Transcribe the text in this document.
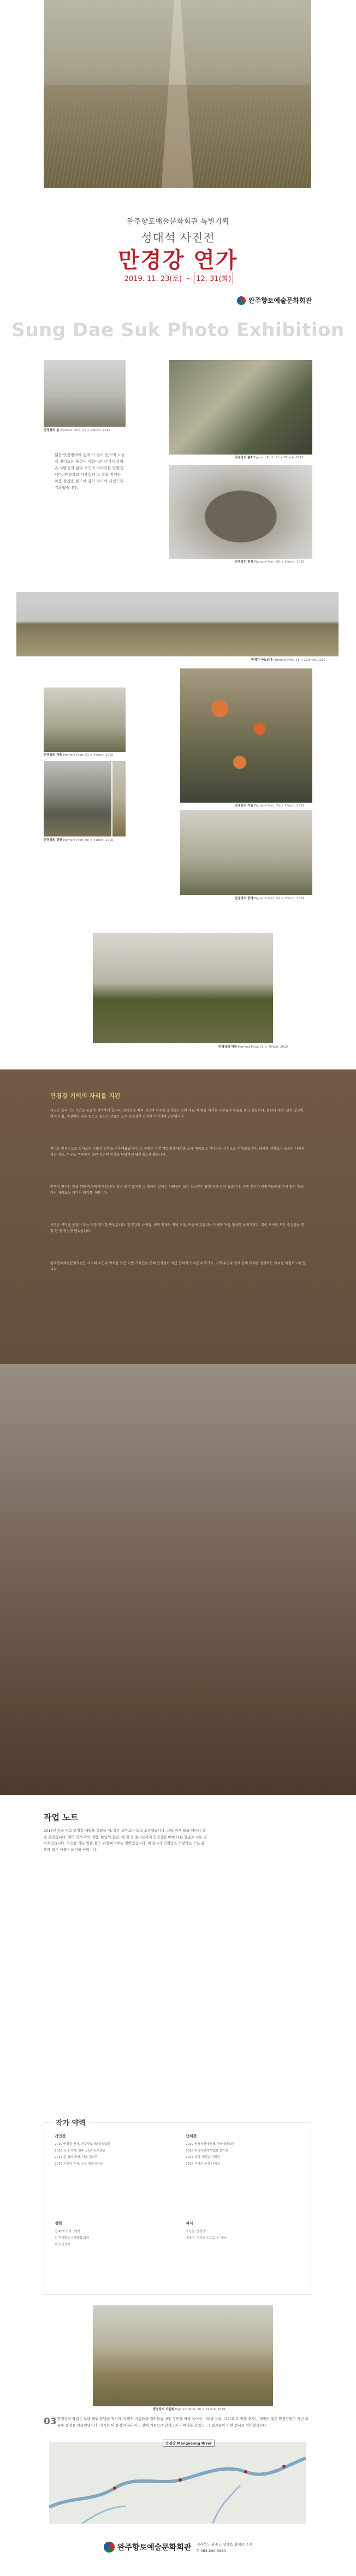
완주향토예술문화회관 특별기획
성대석 사진전
만경강 연가
2019. 11. 23(토) ~ 12. 31(화)
완주향토예술문화회관
Sung Dae Suk Photo Exhibition
만경강의 봄 Pigment Print, 51 × 76inch, 2019
만경강의 봄2 Pigment Print, 51 × 76inch, 2019
넓은 만경평야에 깊게 가 닿아 있으며 노을에 젖어드는 물결이 아름다운 강에서 살아온 사람들의 삶과 자연의 이야기를 담았습니다. 만경강의 사계절과 그 곁을 지키는 마을 풍경을 렌즈에 담아 작가의 시선으로 기록했습니다.
만경강의 침묵 Pigment Print, 65 × 90inch, 2019
만경강 파노라마 Pigment Print, 51 × 132inch, 2019
만경강의 겨울 Pigment Print, 51 × 76inch, 2019
만경강의 가을 Pigment Print, 51 × 76inch, 2019
만경강의 정원 Pigment Print, 90 × 51inch, 2019
만경강의 풍경 Pigment Print, 51 × 76inch, 2019
만경강의 여름 Pigment Print, 51 × 76inch, 2019
만경강 기억의 자리를 지킨
사진은 흘러가는 시간을 붙잡아 기억하게 합니다. 만경강을 따라 걸으며 마주한 풍경들은 오랜 세월 이 땅을 지켜온 사람들의 숨결을 품고 있습니다. 들판과 제방, 낡은 창고와 버려진 집, 계절마다 다른 빛으로 물드는 강물은 모두 만경강이 간직한 이야기의 일부입니다.
작가는 언론인으로 살아오며 수많은 현장을 기록해왔습니다. 그 경험은 이번 작업에서 대상을 오래 바라보고 기다리는 시선으로 이어졌습니다. 화려한 장면보다 조용히 사라져가는 것들, 누구도 주목하지 않던 강변의 일상을 담담하게 담아내고자 했습니다.
만경강 연가는 강을 향한 작가의 헌사입니다. 강은 말이 없지만 그 곁에서 살아온 사람들의 삶은 고스란히 풍경 속에 남아 있습니다. 이번 전시가 관람객들에게 우리 곁의 강을 다시 바라보는 계기가 되기를 바랍니다.
사진은 기억을 붙잡아 두는 가장 정직한 방법입니다. 만경강의 사계절, 새벽 안개와 저녁 노을, 바람에 흔들리는 억새와 겨울 철새의 날갯짓까지, 강이 보여준 모든 순간들을 한 장 한 장 정성껏 담았습니다.
완주향토예술문화회관은 지역의 자연과 역사를 담은 이번 기획전을 통해 만경강이 지닌 문화적 가치를 되새기고, 지역 주민과 함께 강의 미래를 생각하는 자리를 마련하고자 합니다.
작업 노트
2017년 가을 처음 만경강 제방을 걸었을 때, 강은 생각보다 넓고 조용했습니다. 그날 이후 틈날 때마다 강을 찾았습니다. 새벽 안개 속의 제방, 한낮의 들판, 해 질 녘 물비늘까지 만경강은 매번 다른 얼굴로 저를 맞아주었습니다. 사진을 찍는 일은 결국 오래 바라보는 일이었습니다. 이 전시가 만경강을 사랑하는 모든 분들께 작은 선물이 되기를 바랍니다.
작가 약력
개인전
2019 만경강 연가, 완주향토예술문화회관
2018 강의 기억, 전주 교동아트미술관
2017 길 위의 풍경, 서울 갤러리
2016 시간의 흔적, 군산 예술의전당
경력
전 KBS 기자 · 앵커
전 한국방송기자클럽 회장
현 사진작가
단체전
2019 전북사진예술제, 전북예술회관
2018 한국사진작가협회 정기전
2017 강과 사람들 기획전
2016 지역의 풍경 단체전
저서
사진집 ‘만경강’
에세이 ‘기자의 눈으로 본 세상’
만경강의 가을빛 Pigment Print, 76 × 51inch, 2019
03 만경강의 물길은 오랜 세월 들녘을 적시며 이 땅의 사람들을 길러왔습니다. 강변을 따라 늘어선 마을과 논밭, 그리고 그 위를 오가는 계절의 빛은 만경강만이 지닌 고유한 풍경을 만들어냅니다. 작가는 이 풍경이 사라지기 전에 기록으로 남기고자 카메라를 들었고, 그 결과물이 이번 전시로 이어졌습니다.
만경강 Mangyeong River
완주향토예술문화회관 전라북도 완주군 삼례읍 삼례로 소재
T. 063-290-3840
